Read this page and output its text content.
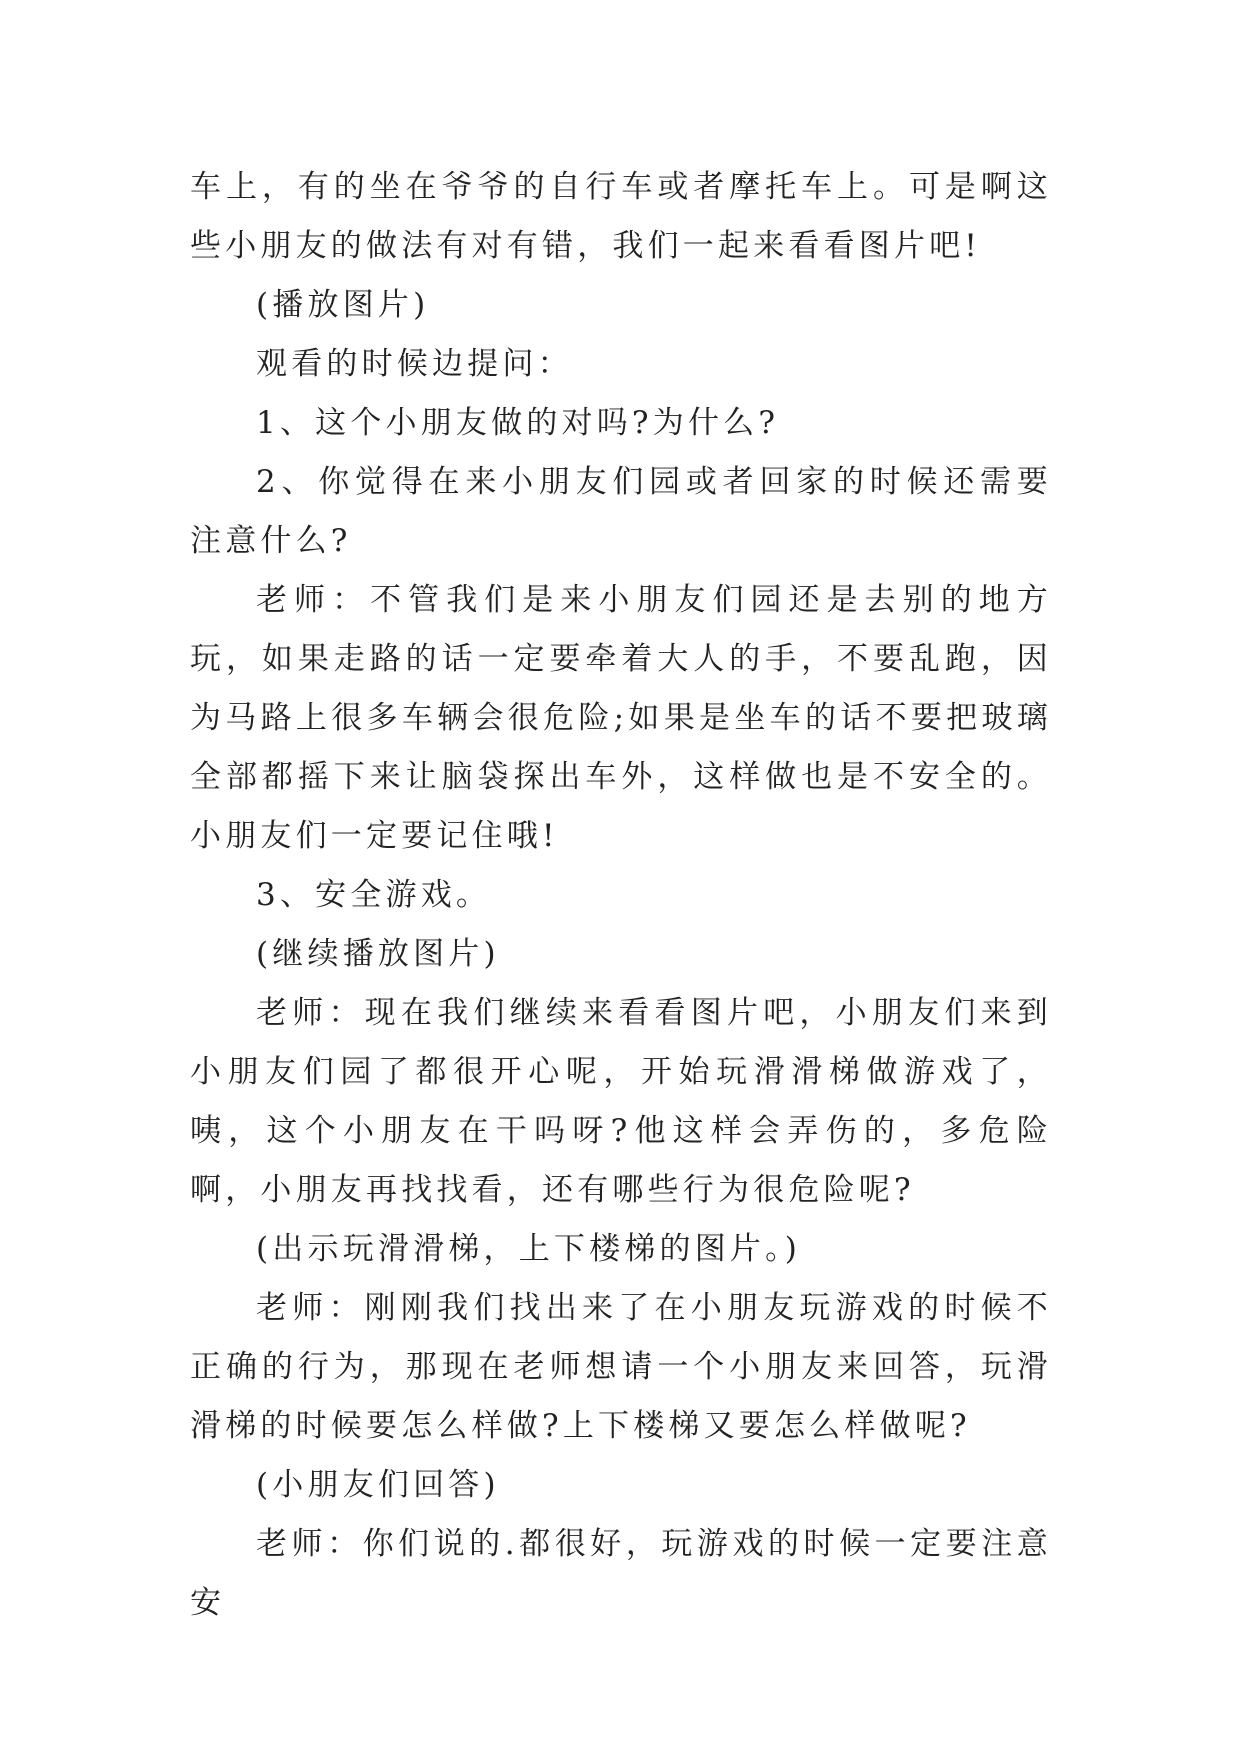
车上，有的坐在爷爷的自行车或者摩托车上。可是啊这些小朋友的做法有对有错，我们一起来看看图片吧!

(播放图片)

观看的时候边提问：

1、这个小朋友做的对吗?为什么?

2、你觉得在来小朋友们园或者回家的时候还需要注意什么?

老师：不管我们是来小朋友们园还是去别的地方玩，如果走路的话一定要牵着大人的手，不要乱跑，因为马路上很多车辆会很危险;如果是坐车的话不要把玻璃全部都摇下来让脑袋探出车外，这样做也是不安全的。小朋友们一定要记住哦!

3、安全游戏。

(继续播放图片)

老师：现在我们继续来看看图片吧，小朋友们来到小朋友们园了都很开心呢，开始玩滑滑梯做游戏了，咦，这个小朋友在干吗呀?他这样会弄伤的，多危险啊，小朋友再找找看，还有哪些行为很危险呢?

(出示玩滑滑梯，上下楼梯的图片。)

老师：刚刚我们找出来了在小朋友玩游戏的时候不正确的行为，那现在老师想请一个小朋友来回答，玩滑滑梯的时候要怎么样做?上下楼梯又要怎么样做呢?

(小朋友们回答)

老师：你们说的.都很好，玩游戏的时候一定要注意安
